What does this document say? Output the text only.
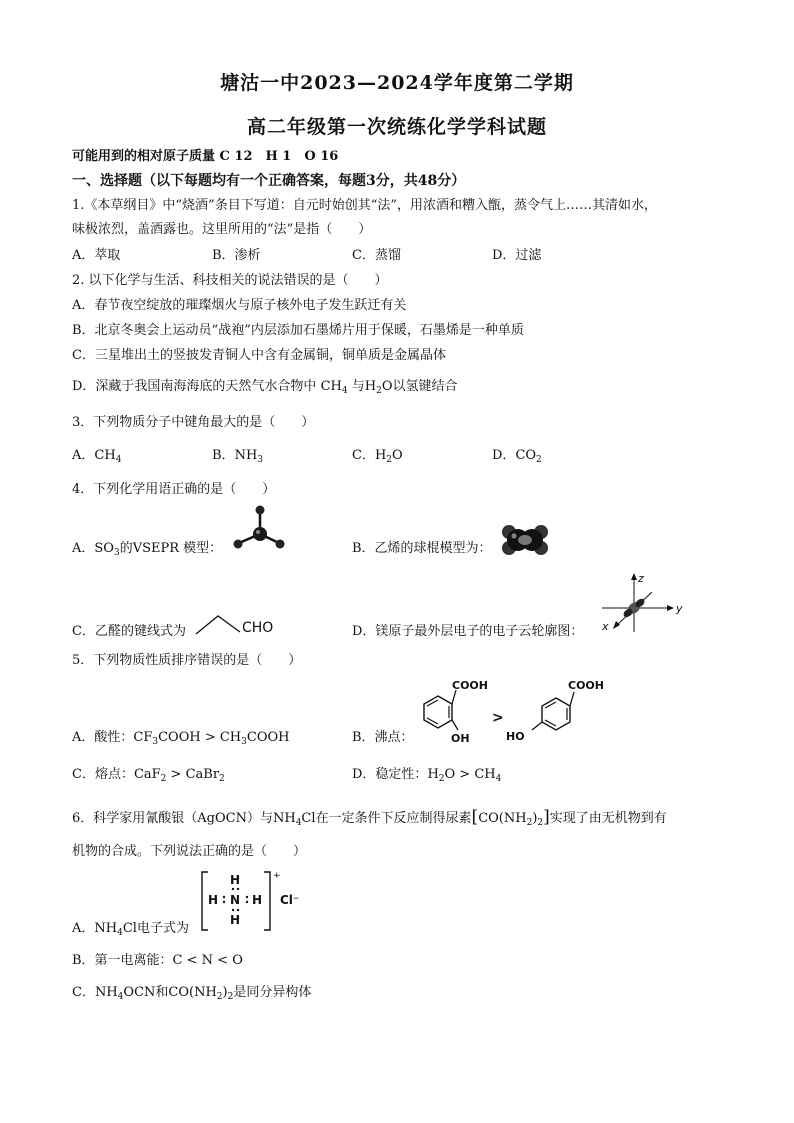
塘沽一中2023—2024学年度第二学期
高二年级第一次统练化学学科试题
可能用到的相对原子质量 C 12　H 1　O 16
一、选择题（以下每题均有一个正确答案，每题3分，共48分）
1.《本草纲目》中“烧酒”条目下写道：自元时始创其“法”，用浓酒和糟入甑，蒸令气上……其清如水，
味极浓烈，盖酒露也。这里所用的“法”是指（　　）
A．萃取	B．渗析	C．蒸馏	D．过滤
2. 以下化学与生活、科技相关的说法错误的是（　　）
A．春节夜空绽放的璀璨烟火与原子核外电子发生跃迁有关
B．北京冬奥会上运动员“战袍”内层添加石墨烯片用于保暖，石墨烯是一种单质
C．三星堆出土的竖披发青铜人中含有金属铜，铜单质是金属晶体
D．深藏于我国南海海底的天然气水合物中 $CH_4$ 与$H_2O$以氢键结合
3．下列物质分子中键角最大的是（　　）
A．$CH_4$	B．$NH_3$	C．$H_2O$	D．$CO_2$
4．下列化学用语正确的是（　　）
A．$SO_3$的VSEPR 模型：	B．乙烯的球棍模型为：
C．乙醛的键线式为	CHO	D．镁原子最外层电子的电子云轮廓图：
z
y
x
5．下列物质性质排序错误的是（　　）
A．酸性：$CF_3COOH$ > $CH_3COOH$	B．沸点：
COOH
OH
>
COOH
HO
C．熔点：CaF$_2$ > CaBr$_2$	D．稳定性：$H_2O > CH_4$
6．科学家用氰酸银（AgOCN）与$NH_4Cl$在一定条件下反应制得尿素$[CO(NH_2)_2]$实现了由无机物到有
机物的合成。下列说法正确的是（　　）
+
H
H N H
H
Cl⁻
A．$NH_4Cl$电子式为
B．第一电离能：C < N < O
C．$NH_4OCN$和$CO(NH_2)_2$是同分异构体
